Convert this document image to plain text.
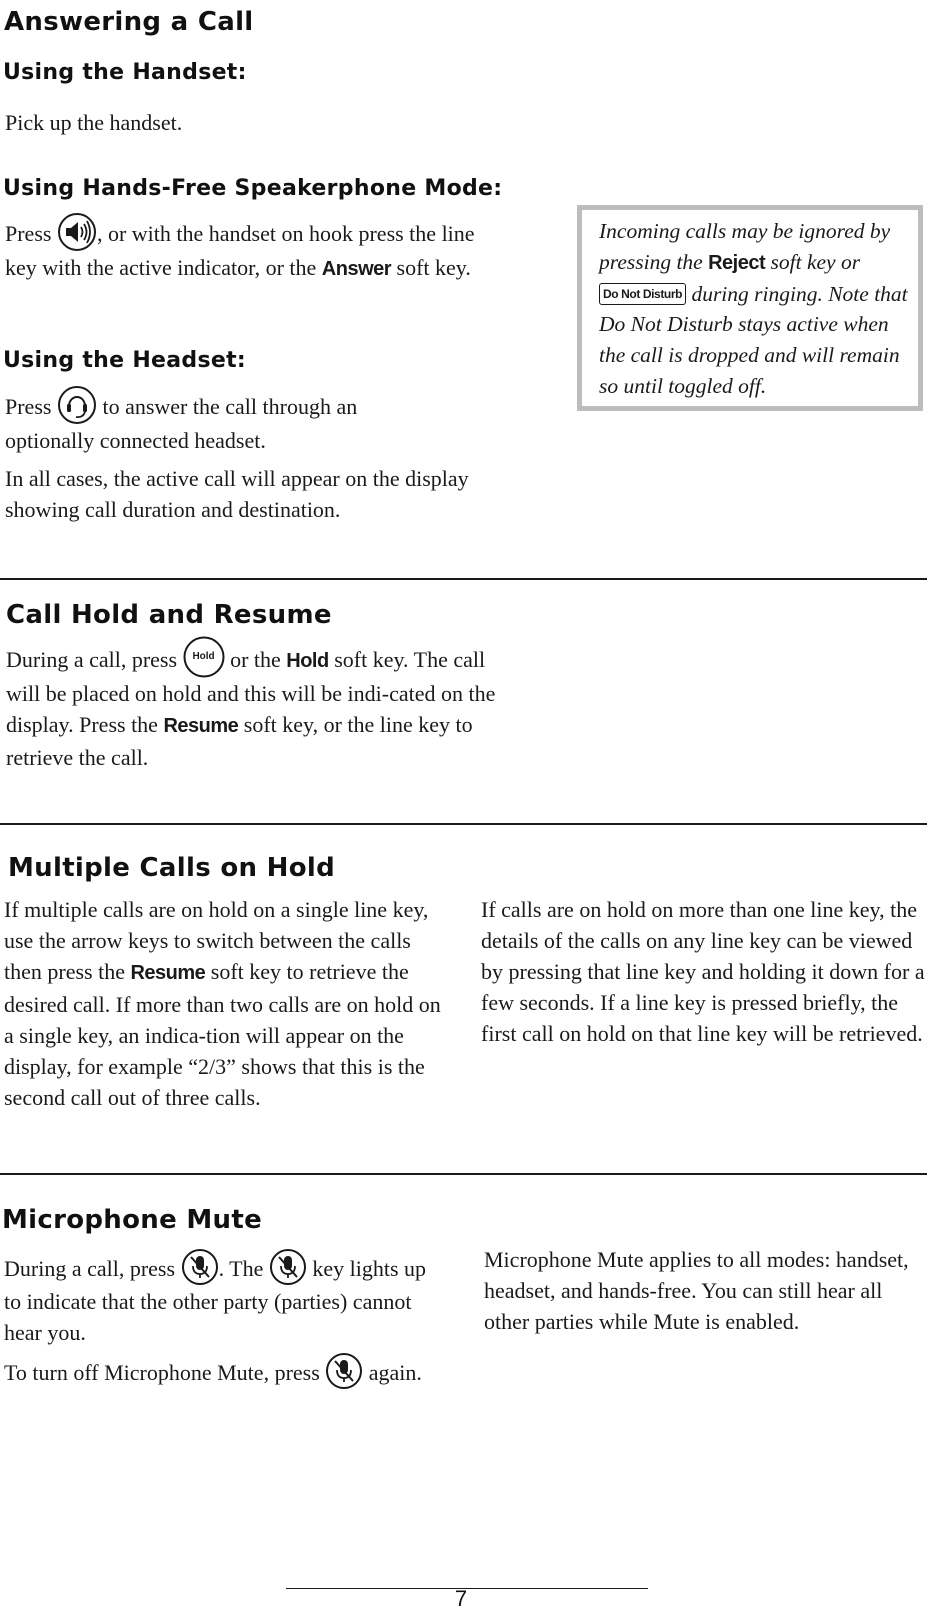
Answering a Call
Using the Handset:

Pick up the handset.

Using Hands-Free Speakerphone Mode:

Press
, or with the handset on hook press the line key with the active indicator, or the Answer soft key.

Using the Headset:

Press
to answer the call through an optionally connected headset.

In all cases, the active call will appear on the display showing call duration and destination.

Incoming calls may be ignored by pressing the Reject soft key or Do Not Disturb during ringing. Note that Do Not Disturb stays active when the call is dropped and will remain so until toggled off.

Call Hold and Resume

During a call, press Hold or the Hold soft key. The call will be placed on hold and this will be indi-cated on the display. Press the Resume soft key, or the line key to retrieve the call.

Multiple Calls on Hold

If multiple calls are on hold on a single line key, use the arrow keys to switch between the calls then press the Resume soft key to retrieve the desired call. If more than two calls are on hold on a single key, an indica-tion will appear on the display, for example “2/3” shows that this is the second call out of three calls.

If calls are on hold on more than one line key, the details of the calls on any line key can be viewed by pressing that line key and holding it down for a few seconds. If a line key is pressed briefly, the first call on hold on that line key will be retrieved.

Microphone Mute

During a call, press
. The
key lights up to indicate that the other party (parties) cannot hear you.

To turn off Microphone Mute, press
again.

Microphone Mute applies to all modes: handset, headset, and hands-free. You can still hear all other parties while Mute is enabled.

7
